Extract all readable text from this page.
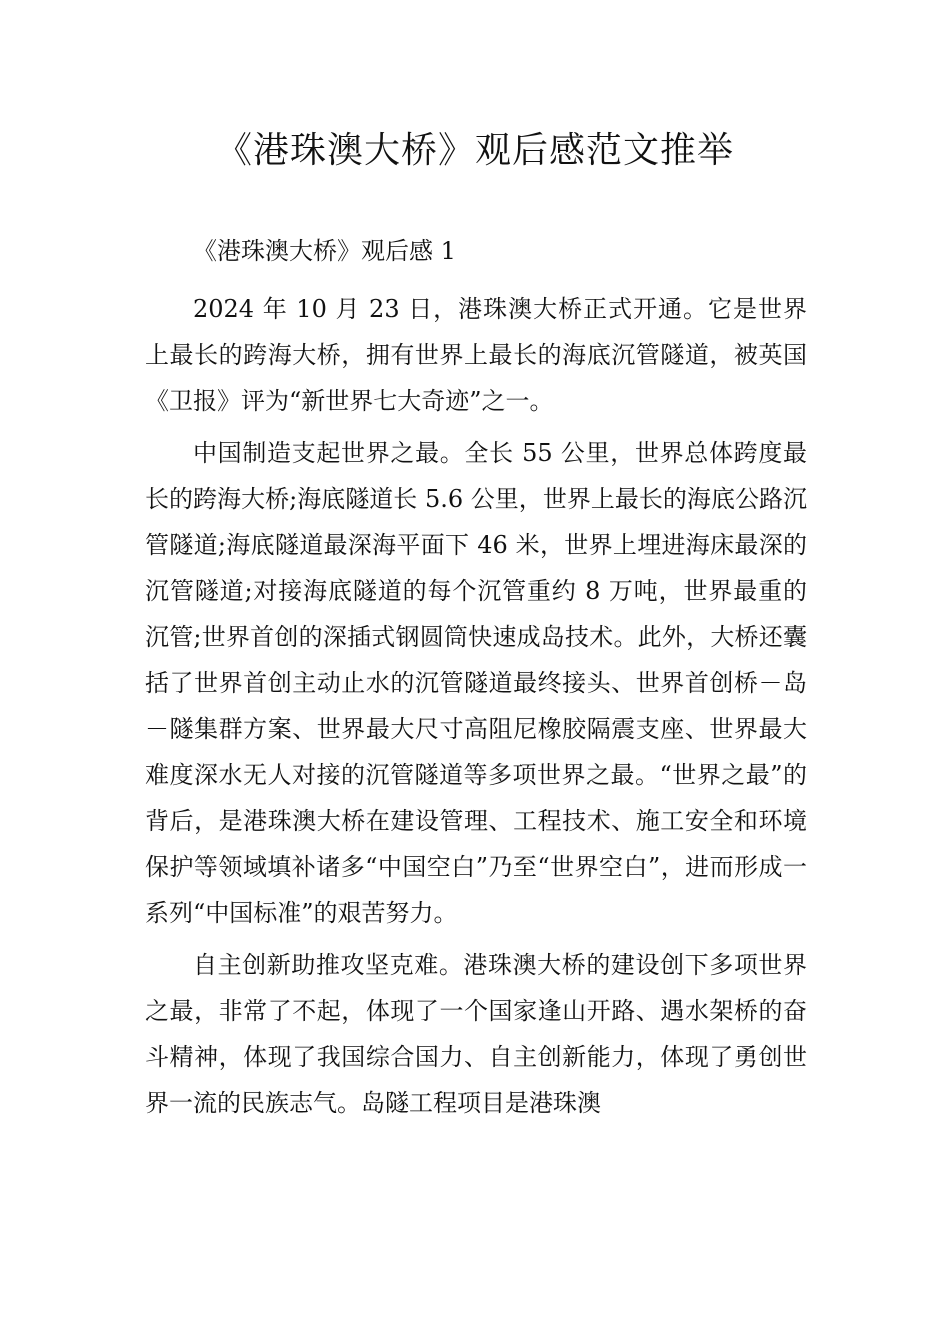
《港珠澳大桥》观后感范文推举

《港珠澳大桥》观后感 1

2024 年 10 月 23 日，港珠澳大桥正式开通。它是世界上最长的跨海大桥，拥有世界上最长的海底沉管隧道，被英国《卫报》评为“新世界七大奇迹”之一。

中国制造支起世界之最。全长 55 公里，世界总体跨度最长的跨海大桥;海底隧道长 5.6 公里，世界上最长的海底公路沉管隧道;海底隧道最深海平面下 46 米，世界上埋进海床最深的沉管隧道;对接海底隧道的每个沉管重约 8 万吨，世界最重的沉管;世界首创的深插式钢圆筒快速成岛技术。此外，大桥还囊括了世界首创主动止水的沉管隧道最终接头、世界首创桥－岛－隧集群方案、世界最大尺寸高阻尼橡胶隔震支座、世界最大难度深水无人对接的沉管隧道等多项世界之最。“世界之最”的背后，是港珠澳大桥在建设管理、工程技术、施工安全和环境保护等领域填补诸多“中国空白”乃至“世界空白”，进而形成一系列“中国标准”的艰苦努力。

自主创新助推攻坚克难。港珠澳大桥的建设创下多项世界之最，非常了不起，体现了一个国家逢山开路、遇水架桥的奋斗精神，体现了我国综合国力、自主创新能力，体现了勇创世界一流的民族志气。岛隧工程项目是港珠澳
